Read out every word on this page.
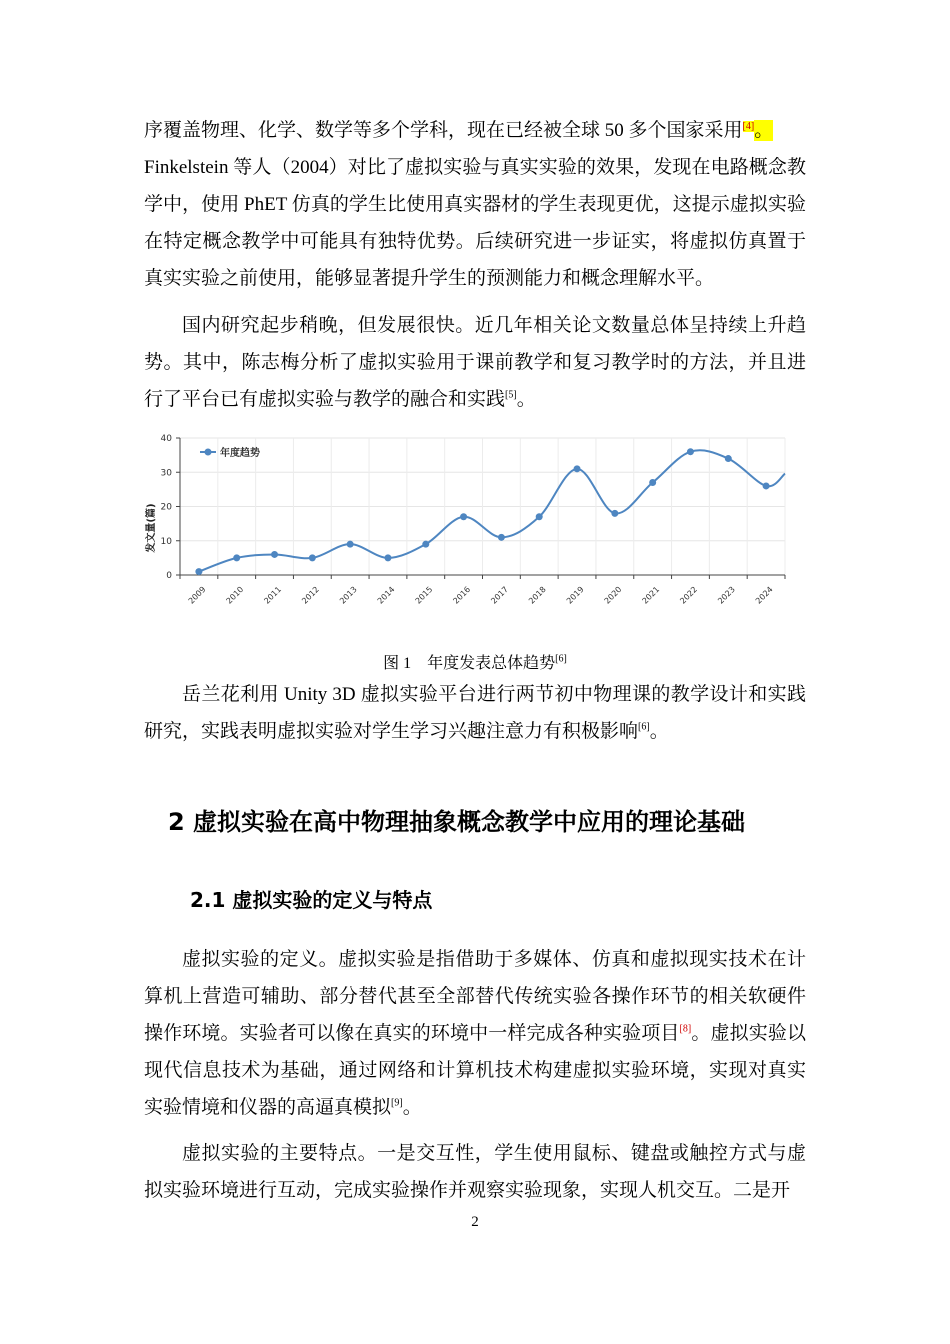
序覆盖物理、化学、数学等多个学科，现在已经被全球 50 多个国家采用[4]。

Finkelstein 等人（2004）对比了虚拟实验与真实实验的效果，发现在电路概念教学中，使用 PhET 仿真的学生比使用真实器材的学生表现更优，这提示虚拟实验在特定概念教学中可能具有独特优势。后续研究进一步证实，将虚拟仿真置于真实实验之前使用，能够显著提升学生的预测能力和概念理解水平。

国内研究起步稍晚，但发展很快。近几年相关论文数量总体呈持续上升趋势。其中，陈志梅分析了虚拟实验用于课前教学和复习教学时的方法，并且进行了平台已有虚拟实验与教学的融合和实践[5]。

0
10
20
30
40
2009 2010 2011 2012 2013 2014 2015 2016 2017 2018 2019 2020 2021 2022 2023 2024
年度趋势
发文量(篇)
图 1　年度发表总体趋势[6]

岳兰花利用 Unity 3D 虚拟实验平台进行两节初中物理课的教学设计和实践研究，实践表明虚拟实验对学生学习兴趣注意力有积极影响[6]。

2 虚拟实验在高中物理抽象概念教学中应用的理论基础
2.1 虚拟实验的定义与特点

虚拟实验的定义。虚拟实验是指借助于多媒体、仿真和虚拟现实技术在计算机上营造可辅助、部分替代甚至全部替代传统实验各操作环节的相关软硬件操作环境。实验者可以像在真实的环境中一样完成各种实验项目[8]。虚拟实验以现代信息技术为基础，通过网络和计算机技术构建虚拟实验环境，实现对真实实验情境和仪器的高逼真模拟[9]。

虚拟实验的主要特点。一是交互性，学生使用鼠标、键盘或触控方式与虚拟实验环境进行互动，完成实验操作并观察实验现象，实现人机交互。二是开

2
